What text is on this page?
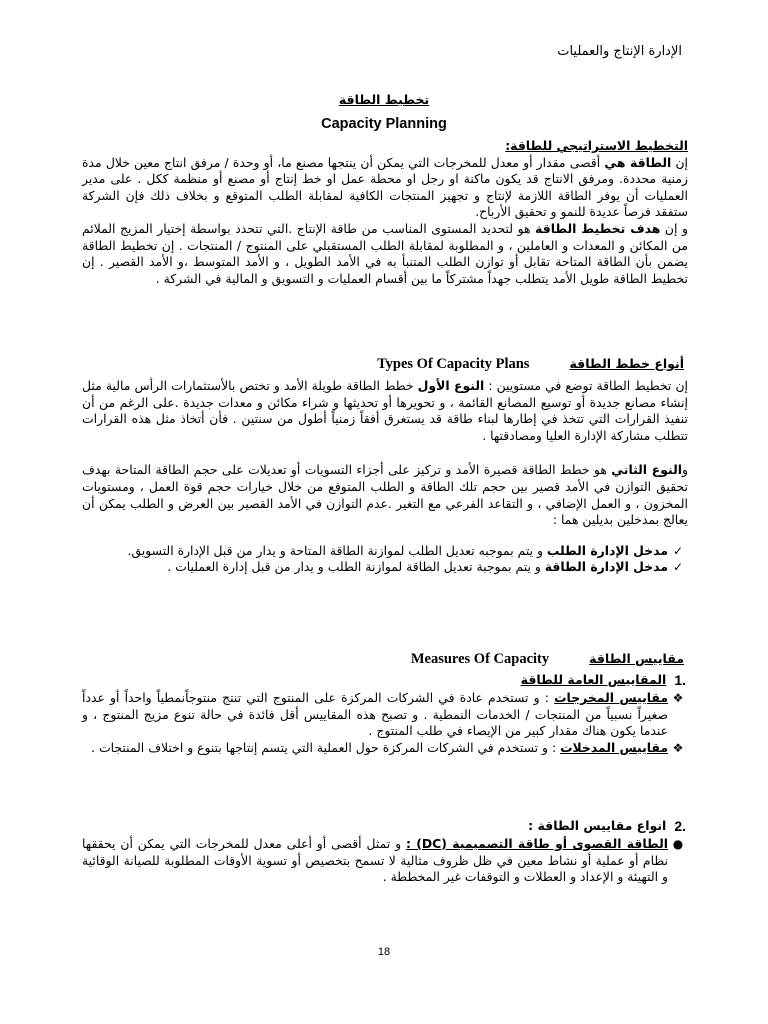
الإدارة الإنتاج والعمليات
تخطيط الطاقة
Capacity Planning
التخطيط الاستراتيجي للطاقة:
إن الطاقة هي أقصى مقدار أو معدل للمخرجات التي يمكن أن ينتجها مصنع ما، أو وحدة / مرفق انتاج معين خلال مدة زمنية محددة. ومرفق الانتاج قد يكون ماكنة او رجل او محطة عمل او خط إنتاج أو مصنع أو منظمة ككل . على مدير العمليات أن يوفر الطاقة اللازمة لإنتاج و تجهيز المنتجات الكافية لمقابلة الطلب المتوقع و بخلاف ذلك فإن الشركة ستفقد فرصاً عديدة للنمو و تحقيق الأرباح.
و إن هدف تخطيط الطاقة هو لتحديد المستوى المناسب من طاقة الإنتاج .التي تتحدد بواسطة إختيار المزيج الملائم من المكائن و المعدات و العاملين ، و المطلوبة لمقابلة الطلب المستقبلي على المنتوج / المنتجات . إن تخطيط الطاقة يضمن بأن الطاقة المتاحة تقابل أو توازن الطلب المتنبأ به في الأمد الطويل ، و الأمد المتوسط ،و الأمد القصير . إن تخطيط الطاقة طويل الأمد يتطلب جهداً مشتركاً ما بين أقسام العمليات و التسويق و المالية في الشركة .
أنواع خطط الطاقة
Types Of Capacity Plans
إن تخطيط الطاقة توضع في مستويين : النوع الأول خطط الطاقة طويلة الأمد و تختص بالأستثمارات الرأس مالية مثل إنشاء مصانع جديدة أو توسيع المصانع القائمة ، و تحويرها أو تحديثها و شراء مكائن و معدات جديدة .على الرغم من أن تنفيذ القرارات التي تتخذ في إطارها لبناء طاقة قد يستغرق أفقاً زمنياً أطول من سنتين . فأن أتخاذ مثل هذه القرارات تتطلب مشاركة الإدارة العليا ومصادقتها .
والنوع الثاني هو خطط الطاقة قصيرة الأمد و تركيز على أجزاء التسويات أو تعديلات على حجم الطاقة المتاحة بهدف تحقيق التوازن في الأمد قصير بين حجم تلك الطاقة و الطلب المتوقع من خلال خيارات حجم قوة العمل ، ومستويات المخزون ، و العمل الإضافي ، و التقاعد الفرعي مع التغير .عدم التوازن في الأمد القصير بين العرض و الطلب يمكن أن يعالج بمدخلين بديلين هما :
✓
مدخل الإدارة الطلب و يتم بموجبه تعديل الطلب لموازنة الطاقة المتاحة و يدار من قبل الإدارة التسويق.
✓
مدخل الإدارة الطاقة و يتم بموجبة تعديل الطاقة لموازنة الطلب و يدار من قبل إدارة العمليات .
مقاييس الطاقة
Measures Of Capacity
1.
المقاييس العامة للطاقة
❖
مقاييس المخرجات : و تستخدم عادة في الشركات المركزة على المنتوج التي تنتج منتوجاًنمطياً واحداً أو عدداً صغيراً نسبياً من المنتجات / الخدمات النمطية . و تصبح هذه المقاييس أقل فائدة في حالة تنوع مزيج المنتوج ، و عندما يكون هناك مقدار كبير من الإيصاء في طلب المنتوج .
❖
مقاييس المدخلات : و تستخدم في الشركات المركزة حول العملية التي يتسم إنتاجها بتنوع و اختلاف المنتجات .
2.
انواع مقاييس الطاقة :
●
الطاقة القصوى أو طاقة التصميمية (DC) : و تمثل أقصى أو أعلى معدل للمخرجات التي يمكن أن يحققها نظام أو عملية أو نشاط معين في ظل ظروف مثالية لا تسمح بتخصيص أو تسوية الأوقات المطلوبة للصيانة الوقائية و التهيئة و الإعداد و العطلات و التوقفات غير المخططة .
18
